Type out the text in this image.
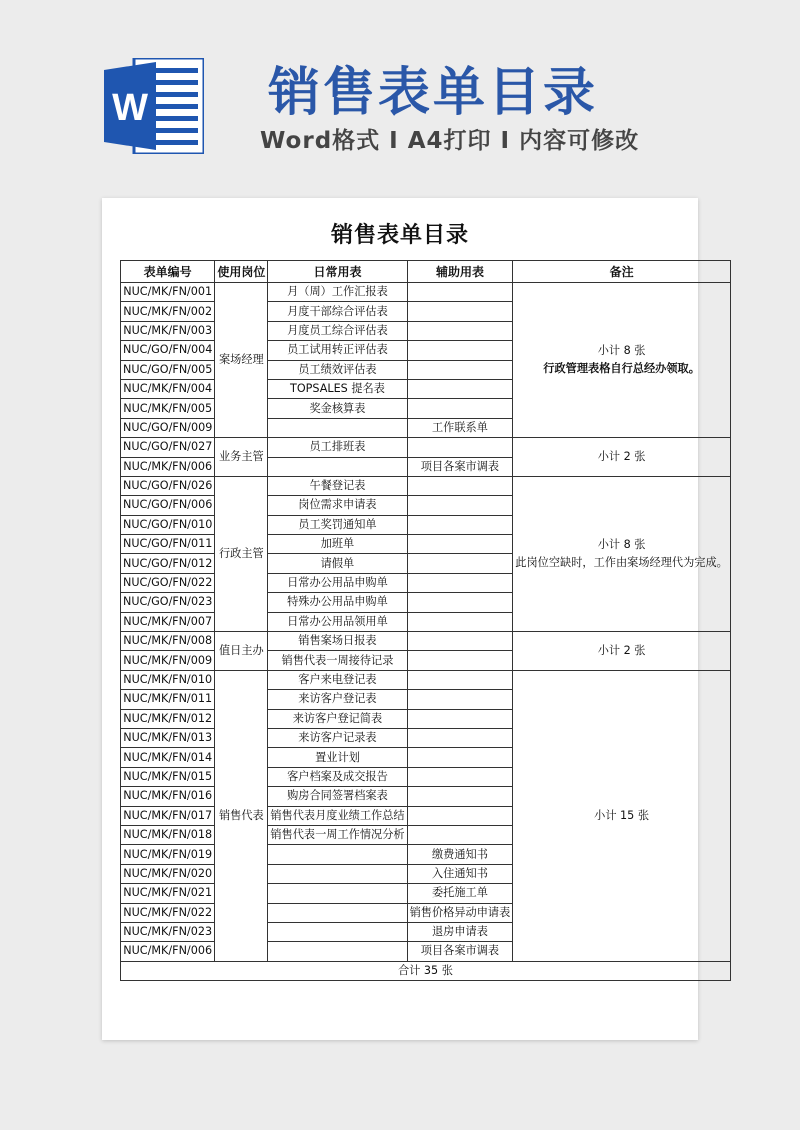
W 销售表单目录
Word格式 I A4打印 I 内容可修改
销售表单目录
表单编号	使用岗位	日常用表	辅助用表	备注
NUC/MK/FN/001	案场经理	月（周）工作汇报表		小计 8 张
行政管理表格自行总经办领取。

NUC/MK/FN/002		月度干部综合评估表		
NUC/MK/FN/003		月度员工综合评估表		
NUC/GO/FN/004		员工试用转正评估表		
NUC/GO/FN/005		员工绩效评估表		
NUC/MK/FN/004		TOPSALES 提名表		
NUC/MK/FN/005		奖金核算表		
NUC/GO/FN/009			工作联系单	
NUC/GO/FN/027	业务主管	员工排班表		小计 2 张

NUC/MK/FN/006			项目各案市调表	
NUC/GO/FN/026	行政主管	午餐登记表		小计 8 张
此岗位空缺时，工作由案场经理代为完成。

NUC/GO/FN/006		岗位需求申请表		
NUC/GO/FN/010		员工奖罚通知单		
NUC/GO/FN/011		加班单		
NUC/GO/FN/012		请假单		
NUC/GO/FN/022		日常办公用品申购单		
NUC/GO/FN/023		特殊办公用品申购单		
NUC/MK/FN/007		日常办公用品领用单		
NUC/MK/FN/008	值日主办	销售案场日报表		小计 2 张

NUC/MK/FN/009		销售代表一周接待记录		
NUC/MK/FN/010	销售代表	客户来电登记表		小计 15 张

NUC/MK/FN/011		来访客户登记表		
NUC/MK/FN/012		来访客户登记简表		
NUC/MK/FN/013		来访客户记录表		
NUC/MK/FN/014		置业计划		
NUC/MK/FN/015		客户档案及成交报告		
NUC/MK/FN/016		购房合同签署档案表		
NUC/MK/FN/017		销售代表月度业绩工作总结		
NUC/MK/FN/018		销售代表一周工作情况分析		
NUC/MK/FN/019			缴费通知书	
NUC/MK/FN/020			入住通知书	
NUC/MK/FN/021			委托施工单	
NUC/MK/FN/022			销售价格异动申请表	
NUC/MK/FN/023			退房申请表	
NUC/MK/FN/006			项目各案市调表	
合计 35 张				
